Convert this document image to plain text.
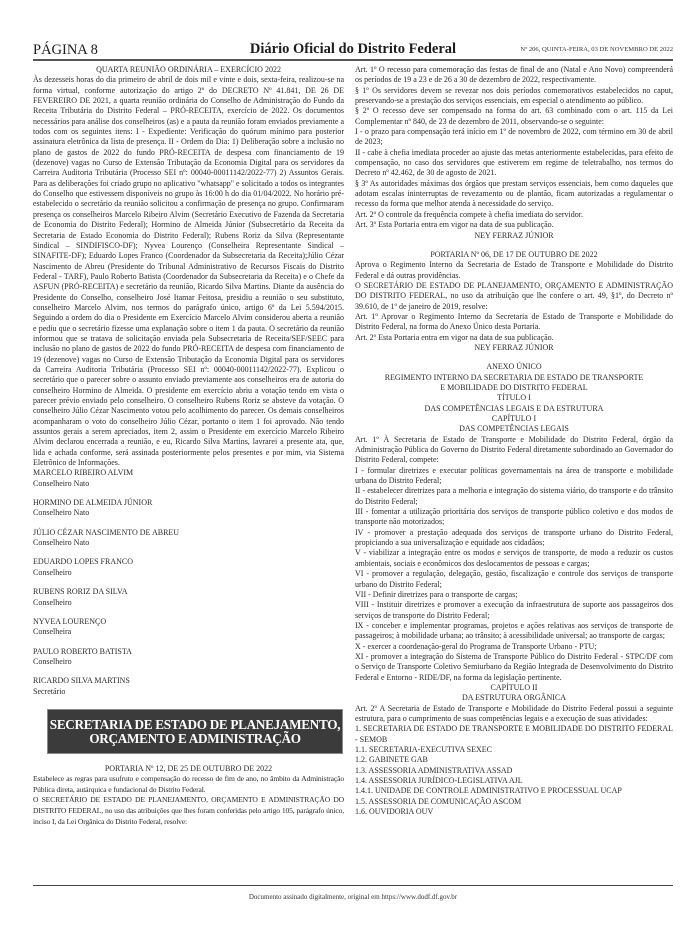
PÁGINA 8	Diário Oficial do Distrito Federal	Nº 206, QUINTA-FEIRA, 03 DE NOVEMBRO DE 2022

QUARTA REUNIÃO ORDINÁRIA – EXERCÍCIO 2022

Às dezesseis horas do dia primeiro de abril de dois mil e vinte e dois, sexta-feira, realizou-se na forma virtual, conforme autorização do artigo 2º do DECRETO Nº 41.841, DE 26 DE FEVEREIRO DE 2021, a quarta reunião ordinária do Conselho de Administração do Fundo da Receita Tributária do Distrito Federal – PRÓ-RECEITA, exercício de 2022. Os documentos necessários para análise dos conselheiros (as) e a pauta da reunião foram enviados previamente a todos com os seguintes itens: I - Expediente: Verificação do quórum mínimo para posterior assinatura eletrônica da lista de presença. II - Ordem do Dia: 1) Deliberação sobre a inclusão no plano de gastos de 2022 do fundo PRÓ-RECEITA de despesa com financiamento de 19 (dezenove) vagas no Curso de Extensão Tributação da Economia Digital para os servidores da Carreira Auditoria Tributária (Processo SEI nº: 00040-00011142/2022-77) 2) Assuntos Gerais. Para as deliberações foi criado grupo no aplicativo "whatsapp" e solicitado a todos os integrantes do Conselho que estivessem disponíveis no grupo às 16:00 h do dia 01/04/2022. No horário pré-estabelecido o secretário da reunião solicitou a confirmação de presença no grupo. Confirmaram presença os conselheiros Marcelo Ribeiro Alvim (Secretário Executivo de Fazenda da Secretaria de Economia do Distrito Federal); Hormino de Almeida Júnior (Subsecretário da Receita da Secretaria de Estado Economia do Distrito Federal); Rubens Roriz da Silva (Representante Sindical – SINDIFISCO-DF); Nyvea Lourenço (Conselheira Representante Sindical – SINAFITE-DF); Eduardo Lopes Franco (Coordenador da Subsecretaria da Receita);Júlio Cézar Nascimento de Abreu (Presidente do Tribunal Administrativo de Recursos Fiscais do Distrito Federal - TARF), Paulo Roberto Batista (Coordenador da Subsecretaria da Receita) e o Chefe da ASFUN (PRÓ-RECEITA) e secretário da reunião, Ricardo Silva Martins. Diante da ausência do Presidente do Conselho, conselheiro José Itamar Feitosa, presidiu a reunião o seu substituto, conselheiro Marcelo Alvim, nos termos do parágrafo único, artigo 6º da Lei 5.594/2015. Seguindo a ordem do dia o Presidente em Exercício Marcelo Alvim considerou aberta a reunião e pediu que o secretário fizesse uma explanação sobre o item 1 da pauta. O secretário da reunião informou que se tratava de solicitação enviada pela Subsecretaria de Receita/SEF/SEEC para inclusão no plano de gastos de 2022 do fundo PRÓ-RECEITA de despesa com financiamento de 19 (dezenove) vagas no Curso de Extensão Tributação da Economia Digital para os servidores da Carreira Auditoria Tributária (Processo SEI nº: 00040-00011142/2022-77). Explicou o secretário que o parecer sobre o assunto enviado previamente aos conselheiros era de autoria do conselheiro Hormino de Almeida. O presidente em exercício abriu a votação tendo em vista o parecer prévio enviado pelo conselheiro. O conselheiro Rubens Roriz se absteve da votação. O conselheiro Júlio Cézar Nascimento votou pelo acolhimento do parecer. Os demais conselheiros acompanharam o voto do conselheiro Júlio Cézar, portanto o item 1 foi aprovado. Não tendo assuntos gerais a serem apreciados, item 2, assim o Presidente em exercício Marcelo Ribeiro Alvim declarou encerrada a reunião, e eu, Ricardo Silva Martins, lavrarei a presente ata, que, lida e achada conforme, será assinada posteriormente pelos presentes e por mim, via Sistema Eletrônico de Informações.

MARCELO RIBEIRO ALVIM

Conselheiro Nato

HORMINO DE ALMEIDA JÚNIOR

Conselheiro Nato

JÚLIO CÉZAR NASCIMENTO DE ABREU

Conselheiro Nato

EDUARDO LOPES FRANCO

Conselheiro

RUBENS RORIZ DA SILVA

Conselheiro

NYVEA LOURENÇO

Conselheira

PAULO ROBERTO BATISTA

Conselheiro

RICARDO SILVA MARTINS

Secretário

SECRETARIA DE ESTADO DE PLANEJAMENTO,
ORÇAMENTO E ADMINISTRAÇÃO

PORTARIA Nº 12, DE 25 DE OUTUBRO DE 2022

Estabelece as regras para usufruto e compensação do recesso de fim de ano, no âmbito da Administração Pública direta, autárquica e fundacional do Distrito Federal.

O SECRETÁRIO DE ESTADO DE PLANEJAMENTO, ORÇAMENTO E ADMINISTRAÇÃO DO DISTRITO FEDERAL, no uso das atribuições que lhes foram conferidas pelo artigo 105, parágrafo único, inciso I, da Lei Orgânica do Distrito Federal, resolve:

Art. 1º O recesso para comemoração das festas de final de ano (Natal e Ano Novo) compreenderá os períodos de 19 a 23 e de 26 a 30 de dezembro de 2022, respectivamente.

§ 1º Os servidores devem se revezar nos dois períodos comemorativos estabelecidos no caput, preservando-se a prestação dos serviços essenciais, em especial o atendimento ao público.

§ 2º O recesso deve ser compensado na forma do art. 63 combinado com o art. 115 da Lei Complementar nº 840, de 23 de dezembro de 2011, observando-se o seguinte:

I - o prazo para compensação terá início em 1º de novembro de 2022, com término em 30 de abril de 2023;

II - cabe à chefia imediata proceder ao ajuste das metas anteriormente estabelecidas, para efeito de compensação, no caso dos servidores que estiverem em regime de teletrabalho, nos termos do Decreto nº 42.462, de 30 de agosto de 2021.

§ 3º As autoridades máximas dos órgãos que prestam serviços essenciais, bem como daqueles que adotam escalas ininterruptas de revezamento ou de plantão, ficam autorizadas a regulamentar o recesso da forma que melhor atenda à necessidade do serviço.

Art. 2º O controle da frequência compete à chefia imediata do servidor.

Art. 3º Esta Portaria entra em vigor na data de sua publicação.

NEY FERRAZ JÚNIOR

PORTARIA Nº 06, DE 17 DE OUTUBRO DE 2022

Aprova o Regimento Interno da Secretaria de Estado de Transporte e Mobilidade do Distrito Federal e dá outras providências.

O SECRETÁRIO DE ESTADO DE PLANEJAMENTO, ORÇAMENTO E ADMINISTRAÇÃO DO DISTRITO FEDERAL, no uso da atribuição que lhe confere o art. 49, §1º, do Decreto nº 39.610, de 1º de janeiro de 2019, resolve:

Art. 1º Aprovar o Regimento Interno da Secretaria de Estado de Transporte e Mobilidade do Distrito Federal, na forma do Anexo Único desta Portaria.

Art. 2º Esta Portaria entra em vigor na data de sua publicação.

NEY FERRAZ JÚNIOR

ANEXO ÚNICO

REGIMENTO INTERNO DA SECRETARIA DE ESTADO DE TRANSPORTE

E MOBILIDADE DO DISTRITO FEDERAL

TÍTULO I

DAS COMPETÊNCIAS LEGAIS E DA ESTRUTURA

CAPÍTULO I

DAS COMPETÊNCIAS LEGAIS

Art. 1º À Secretaria de Estado de Transporte e Mobilidade do Distrito Federal, órgão da Administração Pública do Governo do Distrito Federal diretamente subordinado ao Governador do Distrito Federal, compete:

I - formular diretrizes e executar políticas governamentais na área de transporte e mobilidade urbana do Distrito Federal;

II - estabelecer diretrizes para a melhoria e integração do sistema viário, do transporte e do trânsito do Distrito Federal;

III - fomentar a utilização prioritária dos serviços de transporte público coletivo e dos modos de transporte não motorizados;

IV - promover a prestação adequada dos serviços de transporte urbano do Distrito Federal, propiciando a sua universalização e equidade aos cidadãos;

V - viabilizar a integração entre os modos e serviços de transporte, de modo a reduzir os custos ambientais, sociais e econômicos dos deslocamentos de pessoas e cargas;

VI - promover a regulação, delegação, gestão, fiscalização e controle dos serviços de transporte urbano do Distrito Federal;

VII - Definir diretrizes para o transporte de cargas;

VIII - Instituir diretrizes e promover a execução da infraestrutura de suporte aos passageiros dos serviços de transporte do Distrito Federal;

IX - conceber e implementar programas, projetos e ações relativas aos serviços de transporte de passageiros; à mobilidade urbana; ao trânsito; à acessibilidade universal; ao transporte de cargas;

X - exercer a coordenação-geral do Programa de Transporte Urbano - PTU;

XI - promover a integração do Sistema de Transporte Público do Distrito Federal - STPC/DF com o Serviço de Transporte Coletivo Semiurbano da Região Integrada de Desenvolvimento do Distrito Federal e Entorno - RIDE/DF, na forma da legislação pertinente.

CAPÍTULO II

DA ESTRUTURA ORGÂNICA

Art. 2º A Secretaria de Estado de Transporte e Mobilidade do Distrito Federal possui a seguinte estrutura, para o cumprimento de suas competências legais e a execução de suas atividades:

1. SECRETARIA DE ESTADO DE TRANSPORTE E MOBILIDADE DO DISTRITO FEDERAL - SEMOB

1.1. SECRETARIA-EXECUTIVA SEXEC

1.2. GABINETE GAB

1.3. ASSESSORIA ADMINISTRATIVA ASSAD

1.4. ASSESSORIA JURÍDICO-LEGISLATIVA AJL

1.4.1. UNIDADE DE CONTROLE ADMINISTRATIVO E PROCESSUAL UCAP

1.5. ASSESSORIA DE COMUNICAÇÃO ASCOM

1.6. OUVIDORIA OUV

Documento assinado digitalmente, original em https://www.dodf.df.gov.br
